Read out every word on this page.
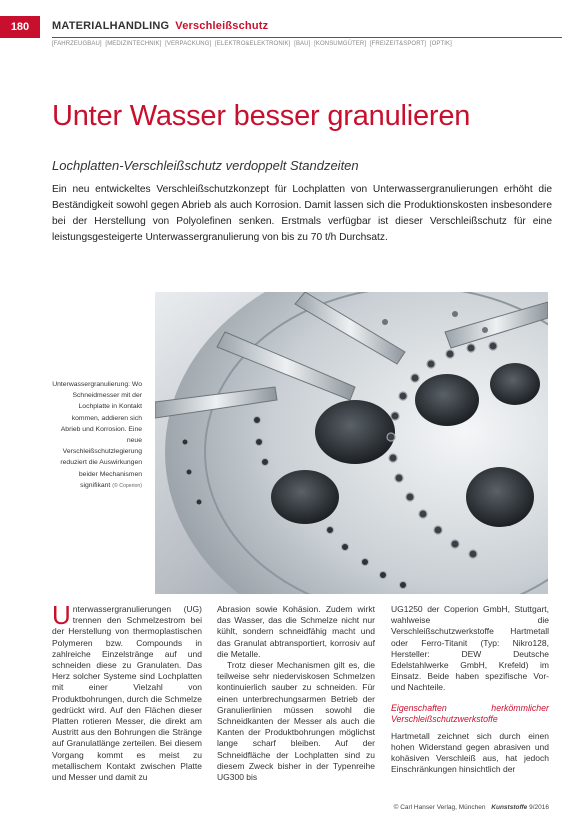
180	MATERIALHANDLING Verschleißschutz
[FAHRZEUGBAU] [MEDIZINTECHNIK] [VERPACKUNG] [ELEKTRO&ELEKTRONIK] [BAU] [KONSUMGÜTER] [FREIZEIT&SPORT] [OPTIK]
Unter Wasser besser granulieren
Lochplatten-Verschleißschutz verdoppelt Standzeiten
Ein neu entwickeltes Verschleißschutzkonzept für Lochplatten von Unterwassergranulierungen erhöht die Beständigkeit sowohl gegen Abrieb als auch Korrosion. Damit lassen sich die Produktionskosten insbesondere bei der Herstellung von Polyolefinen senken. Erstmals verfügbar ist dieser Verschleißschutz für eine leistungsgesteigerte Unterwassergranulierung von bis zu 70 t/h Durchsatz.
Unterwassergranulierung: Wo Schneidmesser mit der Lochplatte in Kontakt kommen, addieren sich Abrieb und Korrosion. Eine neue Verschleißschutzlegierung reduziert die Auswirkungen beider Mechanismen signifikant (© Coperion)

Unterwassergranulierungen (UG) trennen den Schmelzestrom bei der Herstellung von thermoplastischen Polymeren bzw. Compounds in zahlreiche Einzelstränge auf und schneiden diese zu Granulaten. Das Herz solcher Systeme sind Lochplatten mit einer Vielzahl von Produktbohrungen, durch die Schmelze gedrückt wird. Auf den Flächen dieser Platten rotieren Messer, die direkt am Austritt aus den Bohrungen die Stränge auf Granulatlänge zerteilen. Bei diesem Vorgang kommt es meist zu metallischem Kontakt zwischen Platte und Messer und damit zu

Abrasion sowie Kohäsion. Zudem wirkt das Wasser, das die Schmelze nicht nur kühlt, sondern schneidfähig macht und das Granulat abtransportiert, korrosiv auf die Metalle.

Trotz dieser Mechanismen gilt es, die teilweise sehr niederviskosen Schmelzen kontinuierlich sauber zu schneiden. Für einen unterbrechungsarmen Betrieb der Granulierlinien müssen sowohl die Schneidkanten der Messer als auch die Kanten der Produktbohrungen möglichst lange scharf bleiben. Auf der Schneidfläche der Lochplatten sind zu diesem Zweck bisher in der Typenreihe UG300 bis

UG1250 der Coperion GmbH, Stuttgart, wahlweise die Verschleißschutzwerkstoffe Hartmetall oder Ferro-Titanit (Typ: Nikro128, Hersteller: DEW Deutsche Edelstahlwerke GmbH, Krefeld) im Einsatz. Beide haben spezifische Vor- und Nachteile.

Eigenschaften herkömmlicher Verschleißschutzwerkstoffe

Hartmetall zeichnet sich durch einen hohen Widerstand gegen abrasiven und kohäsiven Verschleiß aus, hat jedoch Einschränkungen hinsichtlich der

© Carl Hanser Verlag, München Kunststoffe 9/2016
